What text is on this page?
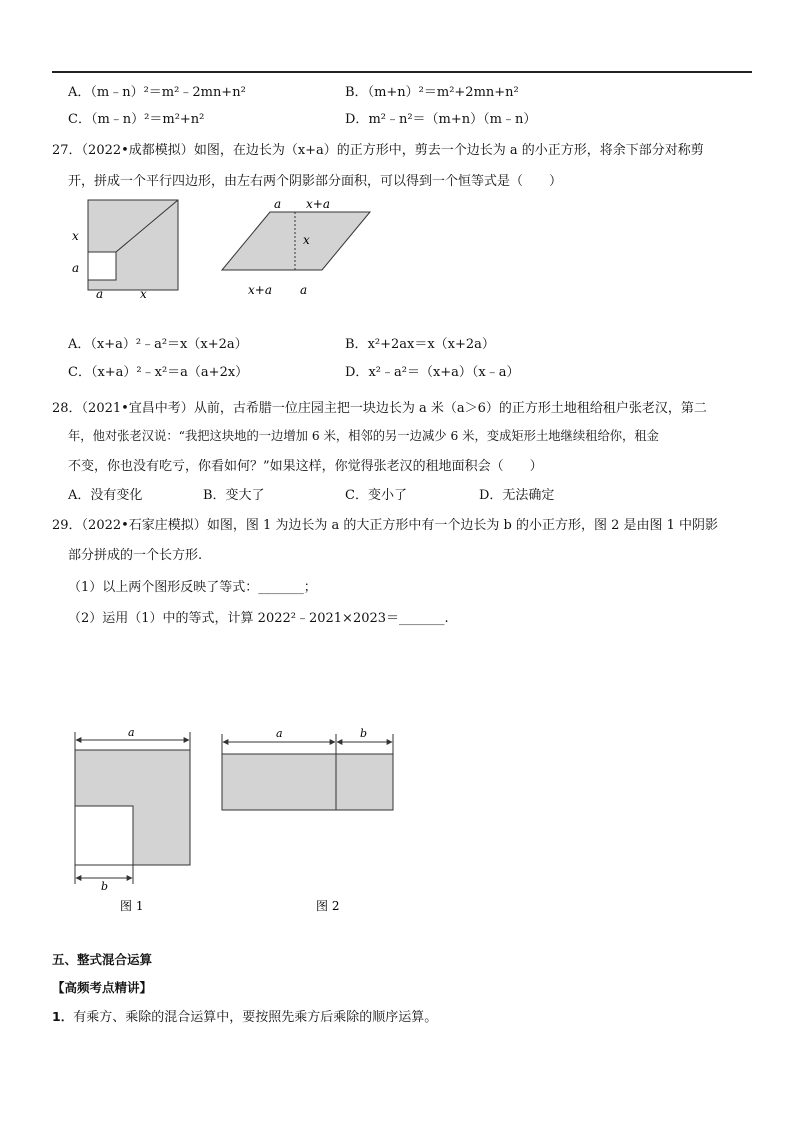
A．（m﹣n）²＝m²﹣2mn+n²	B．（m+n）²＝m²+2mn+n²
C．（m﹣n）²＝m²+n²	D．m²﹣n²＝（m+n）（m﹣n）
27．（2022•成都模拟）如图，在边长为（x+a）的正方形中，剪去一个边长为 a 的小正方形，将余下部分对称剪
开，拼成一个平行四边形，由左右两个阴影部分面积，可以得到一个恒等式是（　　）
x
a
a	x
a x+a
x
x+a a
A．（x+a）²﹣a²＝x（x+2a）	B．x²+2ax＝x（x+2a）
C．（x+a）²﹣x²＝a（a+2x）	D．x²﹣a²＝（x+a）（x﹣a）
28．（2021•宜昌中考）从前，古希腊一位庄园主把一块边长为 a 米（a＞6）的正方形土地租给租户张老汉，第二
年，他对张老汉说：“我把这块地的一边增加 6 米，相邻的另一边减少 6 米，变成矩形土地继续租给你，租金
不变，你也没有吃亏，你看如何？”如果这样，你觉得张老汉的租地面积会（　　）
A．没有变化	B．变大了	C．变小了	D．无法确定
29．（2022•石家庄模拟）如图，图 1 为边长为 a 的大正方形中有一个边长为 b 的小正方形，图 2 是由图 1 中阴影
部分拼成的一个长方形.
（1）以上两个图形反映了等式：_______；
（2）运用（1）中的等式，计算 2022²﹣2021×2023＝_______.
a
b
图 1
a	b
图 2
五、整式混合运算
【高频考点精讲】
1．有乘方、乘除的混合运算中，要按照先乘方后乘除的顺序运算。
